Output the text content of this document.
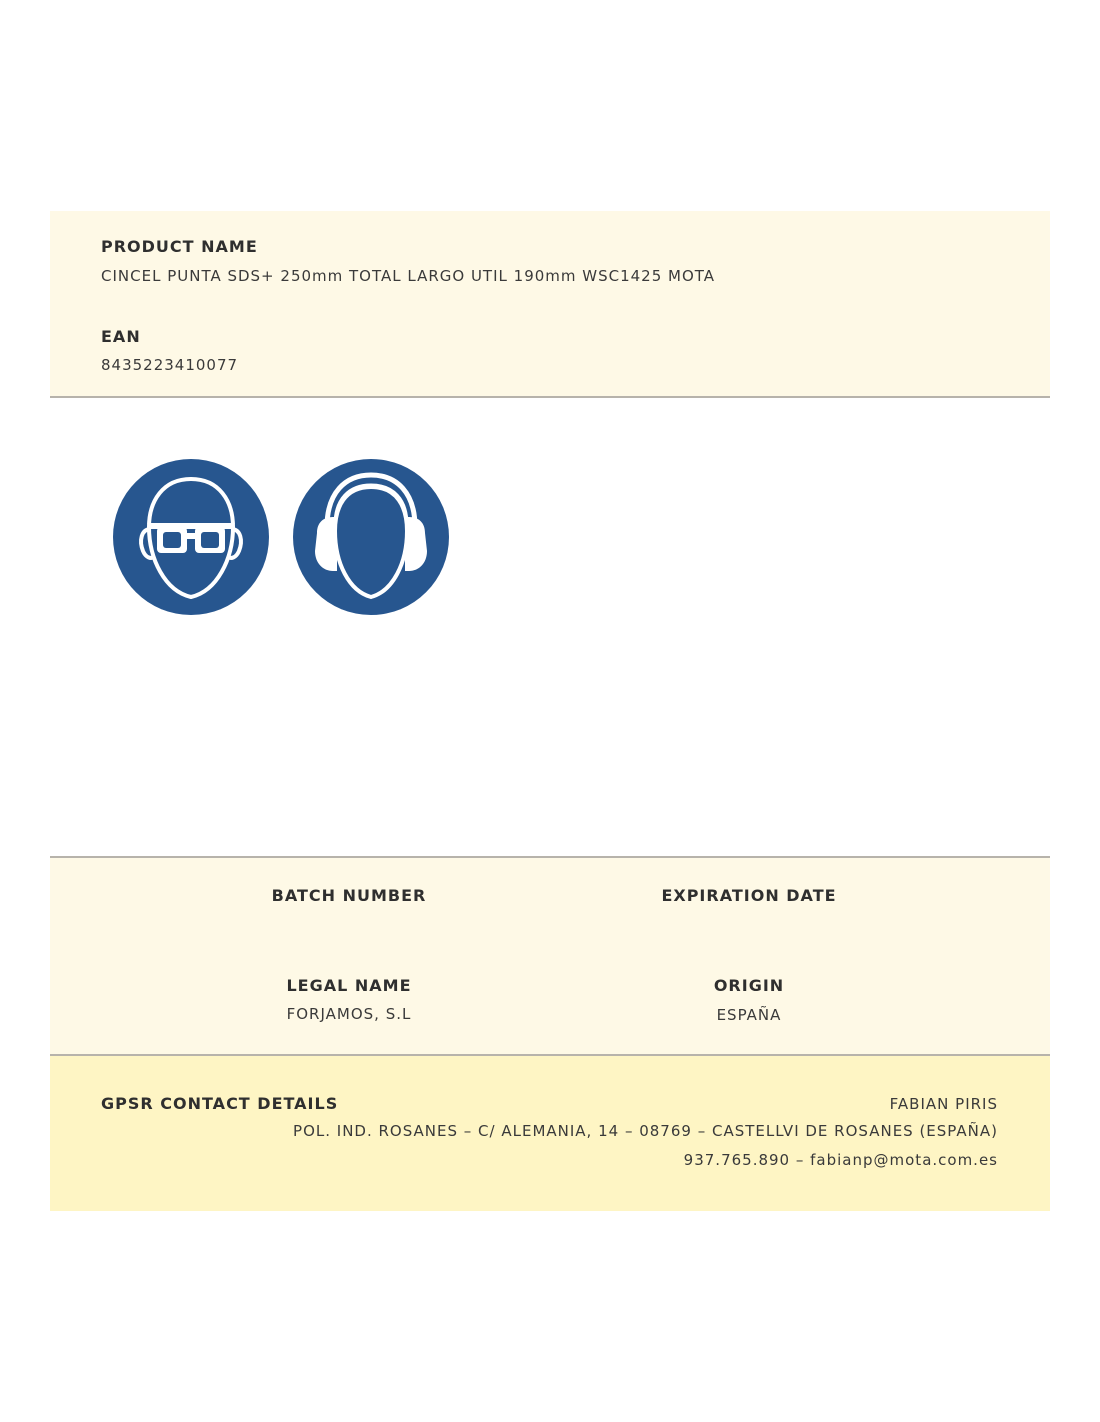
PRODUCT NAME
CINCEL PUNTA SDS+ 250mm TOTAL LARGO UTIL 190mm WSC1425 MOTA
EAN
8435223410077
BATCH NUMBER	EXPIRATION DATE
LEGAL NAME
FORJAMOS, S.L
ORIGIN
ESPAÑA
GPSR CONTACT DETAILS	FABIAN PIRIS
POL. IND. ROSANES – C/ ALEMANIA, 14 – 08769 – CASTELLVI DE ROSANES (ESPAÑA)
937.765.890 – fabianp@mota.com.es
